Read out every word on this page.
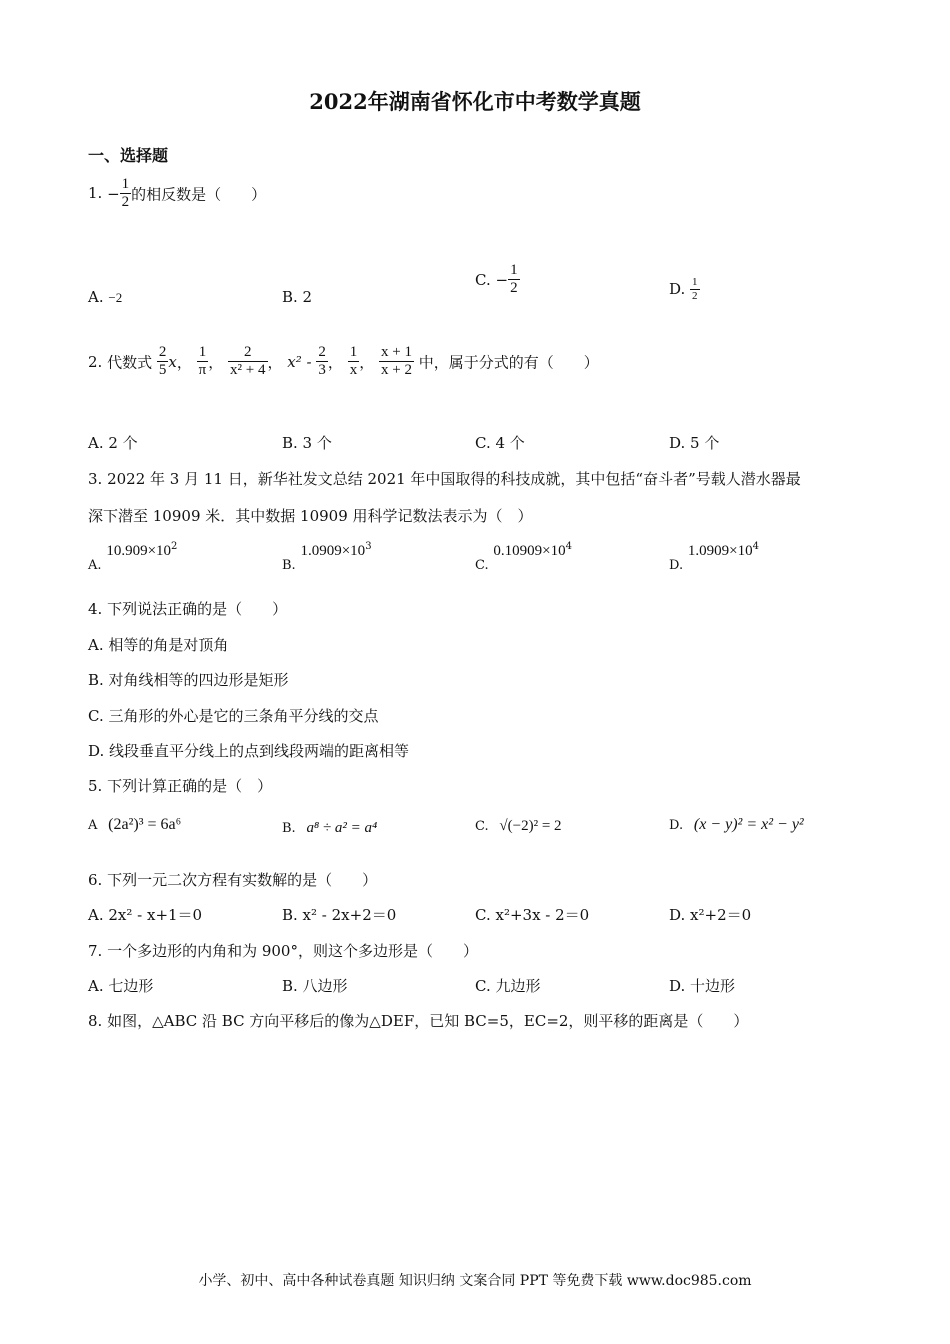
2022年湖南省怀化市中考数学真题
一、选择题
1. − $\frac{1}{2}$ 的相反数是（　　）
A. −2	B. 2
C. − $\frac{1}{2}$	D. $\frac{1}{2}$
2. 代数式 $\frac{2}{5}$ x， $\frac{1}{\pi}$ ， $\frac{2}{\text{x² + 4}}$ ， $x^2 - \frac{2}{3}$ ， $\frac{1}{x}$ ， $\frac{x + 1}{x + 2}$ 中，属于分式的有（　　）
A. 2 个	B. 3 个	C. 4 个	D. 5 个
3. 2022 年 3 月 11 日，新华社发文总结 2021 年中国取得的科技成就，其中包括“奋斗者”号载人潜水器最
深下潜至 10909 米．其中数据 10909 用科学记数法表示为（　）
A. $10.909\times 10^2$
B. $1.0909\times 10^3$
C. $0.10909\times 10^4$
D. $1.0909\times 10^4$
4. 下列说法正确的是（　　）
A. 相等的角是对顶角
B. 对角线相等的四边形是矩形
C. 三角形的外心是它的三条角平分线的交点
D. 线段垂直平分线上的点到线段两端的距离相等
5. 下列计算正确的是（　）
A (2a²)³ = 6a⁶	B. a⁸ ÷ a² = a⁴	C. √(−2)² = 2	D. (x − y)² = x² − y²
6. 下列一元二次方程有实数解的是（　　）
A. 2x² - x+1＝0	B. x² - 2x+2＝0	C. x²+3x - 2＝0	D. x²+2＝0
7. 一个多边形的内角和为 900°，则这个多边形是（　　）
A. 七边形	B. 八边形	C. 九边形	D. 十边形
8. 如图，△ABC 沿 BC 方向平移后的像为△DEF，已知 BC=5，EC=2，则平移的距离是（　　）
小学、初中、高中各种试卷真题 知识归纳 文案合同 PPT 等免费下载 www.doc985.com
